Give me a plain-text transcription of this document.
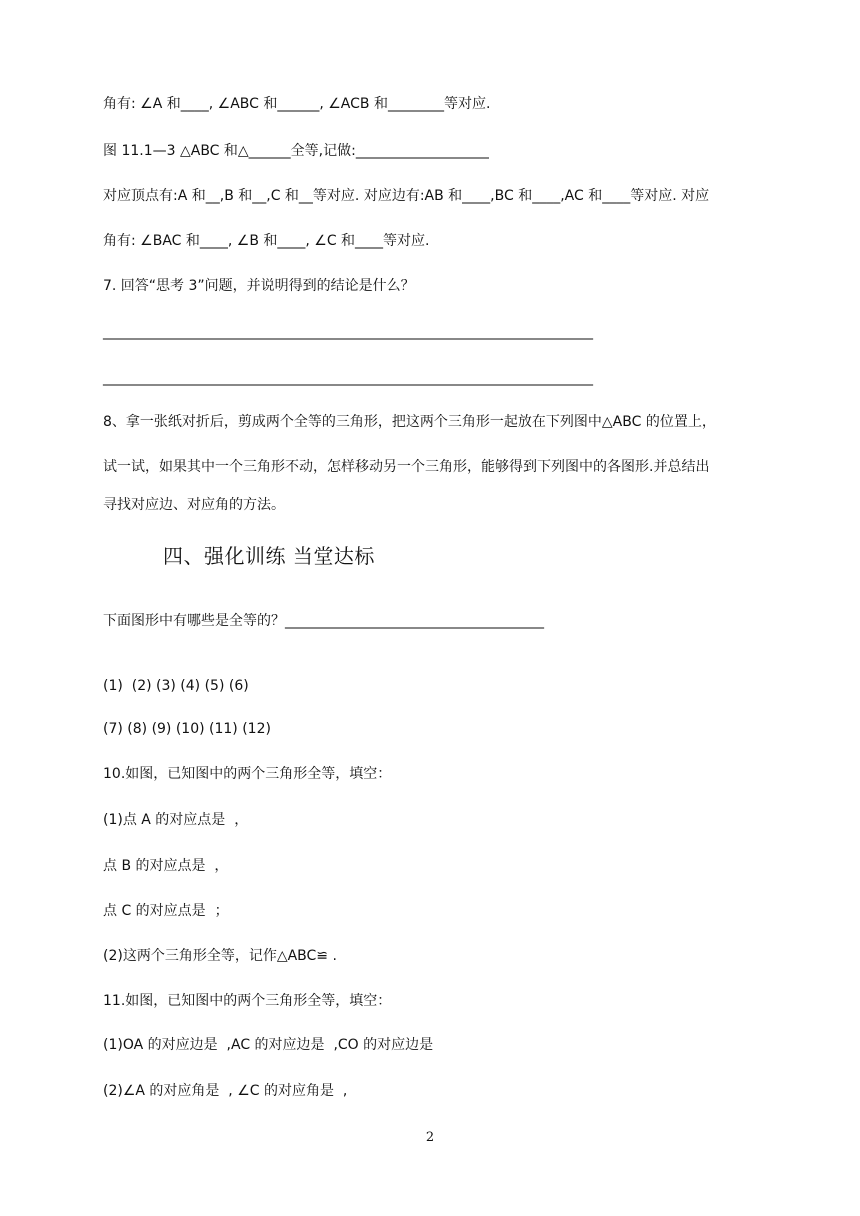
角有: ∠A 和____, ∠ABC 和______, ∠ACB 和________等对应.
图 11.1—3 △ABC 和△______全等,记做:___________________
对应顶点有:A 和__,B 和__,C 和__等对应. 对应边有:AB 和____,BC 和____,AC 和____等对应. 对应
角有: ∠BAC 和____, ∠B 和____, ∠C 和____等对应.
7. 回答“思考 3”问题，并说明得到的结论是什么？
______________________________________________________________________
______________________________________________________________________
8、拿一张纸对折后，剪成两个全等的三角形，把这两个三角形一起放在下列图中△ABC 的位置上，
试一试，如果其中一个三角形不动，怎样移动另一个三角形，能够得到下列图中的各图形.并总结出
寻找对应边、对应角的方法。
四、强化训练 当堂达标
下面图形中有哪些是全等的？_____________________________________
(1)  (2) (3) (4) (5) (6)
(7) (8) (9) (10) (11) (12)
10.如图，已知图中的两个三角形全等，填空：
(1)点 A 的对应点是  ，
点 B 的对应点是  ，
点 C 的对应点是  ；
(2)这两个三角形全等，记作△ABC≌ .
11.如图，已知图中的两个三角形全等，填空：
(1)OA 的对应边是  ,AC 的对应边是  ,CO 的对应边是
(2)∠A 的对应角是  , ∠C 的对应角是  ,
2
